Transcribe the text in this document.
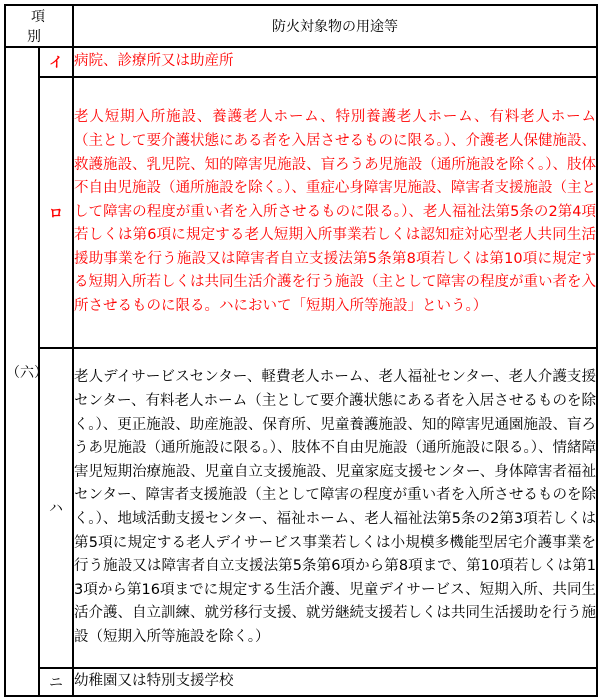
項 別		防火対象物の用途等
（六）	イ	病院、診療所又は助産所
	ロ	老人短期入所施設、養護老人ホーム、特別養護老人ホーム、有料老人ホーム（主として要介護状態にある者を入居させるものに限る。）、介護老人保健施設、救護施設、乳児院、知的障害児施設、盲ろうあ児施設（通所施設を除く。）、肢体不自由児施設（通所施設を除く。）、重症心身障害児施設、障害者支援施設（主として障害の程度が重い者を入所させるものに限る。）、老人福祉法第5条の2第4項若しくは第6項に規定する老人短期入所事業若しくは認知症対応型老人共同生活援助事業を行う施設又は障害者自立支援法第5条第8項若しくは第10項に規定する短期入所若しくは共同生活介護を行う施設（主として障害の程度が重い者を入所させるものに限る。ハにおいて「短期入所等施設」という。）
	ハ	老人デイサービスセンター、軽費老人ホーム、老人福祉センター、老人介護支援センター、有料老人ホーム（主として要介護状態にある者を入居させるものを除く。）、更正施設、助産施設、保育所、児童養護施設、知的障害児通園施設、盲ろうあ児施設（通所施設に限る。）、肢体不自由児施設（通所施設に限る。）、情緒障害児短期治療施設、児童自立支援施設、児童家庭支援センター、身体障害者福祉センター、障害者支援施設（主として障害の程度が重い者を入所させるものを除く。）、地域活動支援センター、福祉ホーム、老人福祉法第5条の2第3項若しくは第5項に規定する老人デイサービス事業若しくは小規模多機能型居宅介護事業を行う施設又は障害者自立支援法第5条第6項から第8項まで、第10項若しくは第13項から第16項までに規定する生活介護、児童デイサービス、短期入所、共同生活介護、自立訓練、就労移行支援、就労継続支援若しくは共同生活援助を行う施設（短期入所等施設を除く。）
	ニ	幼稚園又は特別支援学校
